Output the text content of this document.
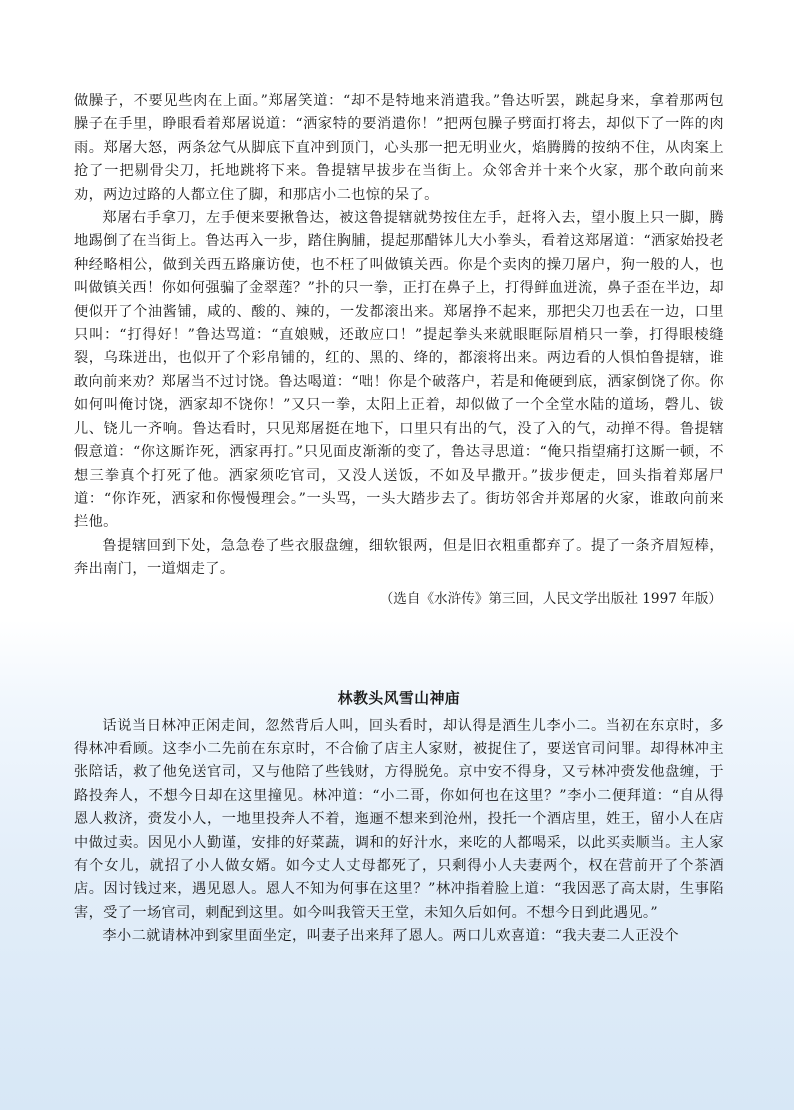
做臊子，不要见些肉在上面。”郑屠笑道：“却不是特地来消遣我。”鲁达听罢，跳起身来，拿着那两包臊子在手里，睁眼看着郑屠说道：“洒家特的要消遣你！”把两包臊子劈面打将去，却似下了一阵的肉雨。郑屠大怒，两条忿气从脚底下直冲到顶门，心头那一把无明业火，焰腾腾的按纳不住，从肉案上抢了一把剔骨尖刀，托地跳将下来。鲁提辖早拔步在当街上。众邻舍并十来个火家，那个敢向前来劝，两边过路的人都立住了脚，和那店小二也惊的呆了。

郑屠右手拿刀，左手便来要揪鲁达，被这鲁提辖就势按住左手，赶将入去，望小腹上只一脚，腾地踢倒了在当街上。鲁达再入一步，踏住胸脯，提起那醋钵儿大小拳头，看着这郑屠道：“洒家始投老种经略相公，做到关西五路廉访使，也不枉了叫做镇关西。你是个卖肉的操刀屠户，狗一般的人，也叫做镇关西！你如何强骗了金翠莲？”扑的只一拳，正打在鼻子上，打得鲜血迸流，鼻子歪在半边，却便似开了个油酱铺，咸的、酸的、辣的，一发都滚出来。郑屠挣不起来，那把尖刀也丢在一边，口里只叫：“打得好！”鲁达骂道：“直娘贼，还敢应口！”提起拳头来就眼眶际眉梢只一拳，打得眼棱缝裂，乌珠迸出，也似开了个彩帛铺的，红的、黑的、绛的，都滚将出来。两边看的人惧怕鲁提辖，谁敢向前来劝？郑屠当不过讨饶。鲁达喝道：“咄！你是个破落户，若是和俺硬到底，洒家倒饶了你。你如何叫俺讨饶，洒家却不饶你！”又只一拳，太阳上正着，却似做了一个全堂水陆的道场，磬儿、钹儿、铙儿一齐响。鲁达看时，只见郑屠挺在地下，口里只有出的气，没了入的气，动掸不得。鲁提辖假意道：“你这厮诈死，洒家再打。”只见面皮渐渐的变了，鲁达寻思道：“俺只指望痛打这厮一顿，不想三拳真个打死了他。洒家须吃官司，又没人送饭，不如及早撒开。”拔步便走，回头指着郑屠尸道：“你诈死，洒家和你慢慢理会。”一头骂，一头大踏步去了。街坊邻舍并郑屠的火家，谁敢向前来拦他。

鲁提辖回到下处，急急卷了些衣服盘缠，细软银两，但是旧衣粗重都弃了。提了一条齐眉短棒，奔出南门，一道烟走了。

（选自《水浒传》第三回，人民文学出版社 1997 年版）

林教头风雪山神庙

话说当日林冲正闲走间，忽然背后人叫，回头看时，却认得是酒生儿李小二。当初在东京时，多得林冲看顾。这李小二先前在东京时，不合偷了店主人家财，被捉住了，要送官司问罪。却得林冲主张陪话，救了他免送官司，又与他陪了些钱财，方得脱免。京中安不得身，又亏林冲赍发他盘缠，于路投奔人，不想今日却在这里撞见。林冲道：“小二哥，你如何也在这里？”李小二便拜道：“自从得恩人救济，赍发小人，一地里投奔人不着，迤逦不想来到沧州，投托一个酒店里，姓王，留小人在店中做过卖。因见小人勤谨，安排的好菜蔬，调和的好汁水，来吃的人都喝采，以此买卖顺当。主人家有个女儿，就招了小人做女婿。如今丈人丈母都死了，只剩得小人夫妻两个，权在营前开了个茶酒店。因讨钱过来，遇见恩人。恩人不知为何事在这里？”林冲指着脸上道：“我因恶了高太尉，生事陷害，受了一场官司，刺配到这里。如今叫我管天王堂，未知久后如何。不想今日到此遇见。”

李小二就请林冲到家里面坐定，叫妻子出来拜了恩人。两口儿欢喜道：“我夫妻二人正没个
